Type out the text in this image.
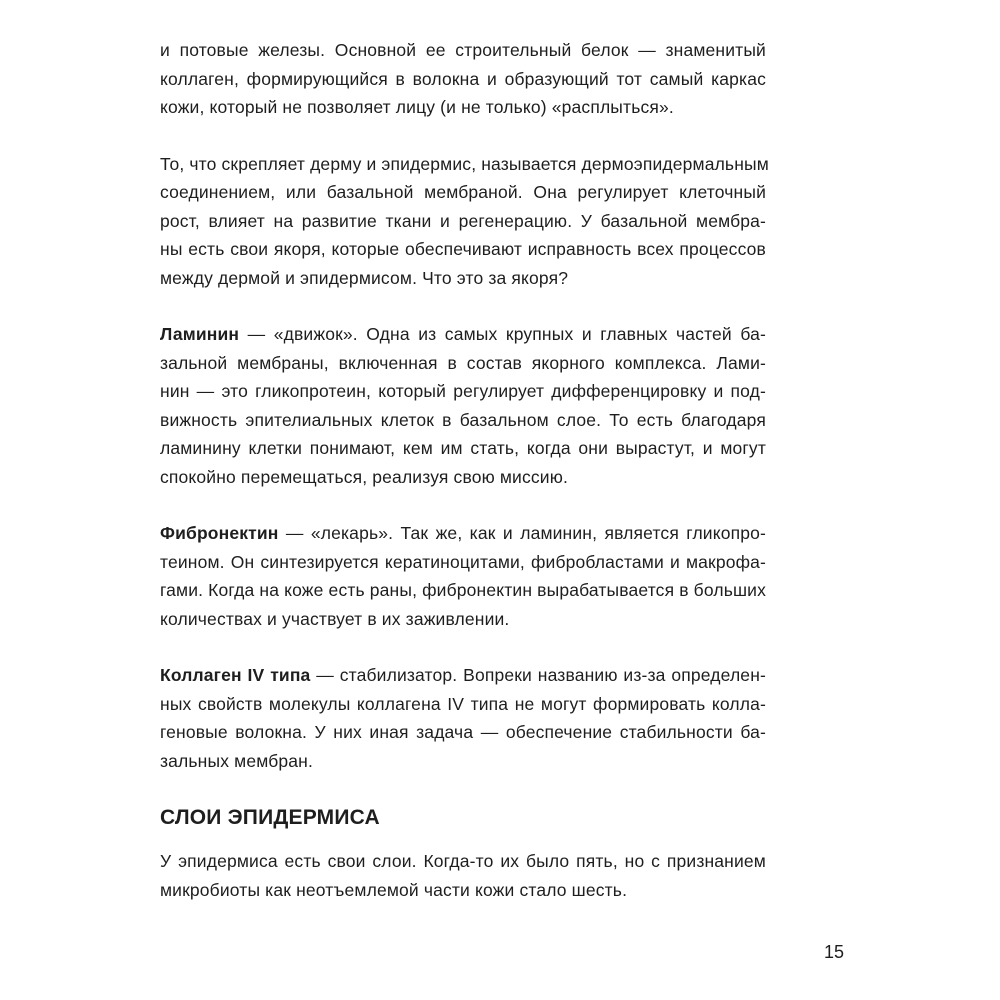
и потовые железы. Основной ее строительный белок — знаменитый
коллаген, формирующийся в волокна и образующий тот самый каркас
кожи, который не позволяет лицу (и не только) «расплыться».

То, что скрепляет дерму и эпидермис, называется дермоэпидермальным
соединением, или базальной мембраной. Она регулирует клеточный
рост, влияет на развитие ткани и регенерацию. У базальной мембра-
ны есть свои якоря, которые обеспечивают исправность всех процессов
между дермой и эпидермисом. Что это за якоря?

Ламинин — «движок». Одна из самых крупных и главных частей ба-
зальной мембраны, включенная в состав якорного комплекса. Лами-
нин — это гликопротеин, который регулирует дифференцировку и под-
вижность эпителиальных клеток в базальном слое. То есть благодаря
ламинину клетки понимают, кем им стать, когда они вырастут, и могут
спокойно перемещаться, реализуя свою миссию.

Фибронектин — «лекарь». Так же, как и ламинин, является гликопро-
теином. Он синтезируется кератиноцитами, фибробластами и макрофа-
гами. Когда на коже есть раны, фибронектин вырабатывается в больших
количествах и участвует в их заживлении.

Коллаген IV типа — стабилизатор. Вопреки названию из-за определен-
ных свойств молекулы коллагена IV типа не могут формировать колла-
геновые волокна. У них иная задача — обеспечение стабильности ба-
зальных мембран.

СЛОИ ЭПИДЕРМИСА

У эпидермиса есть свои слои. Когда-то их было пять, но с признанием
микробиоты как неотъемлемой части кожи стало шесть.

15
